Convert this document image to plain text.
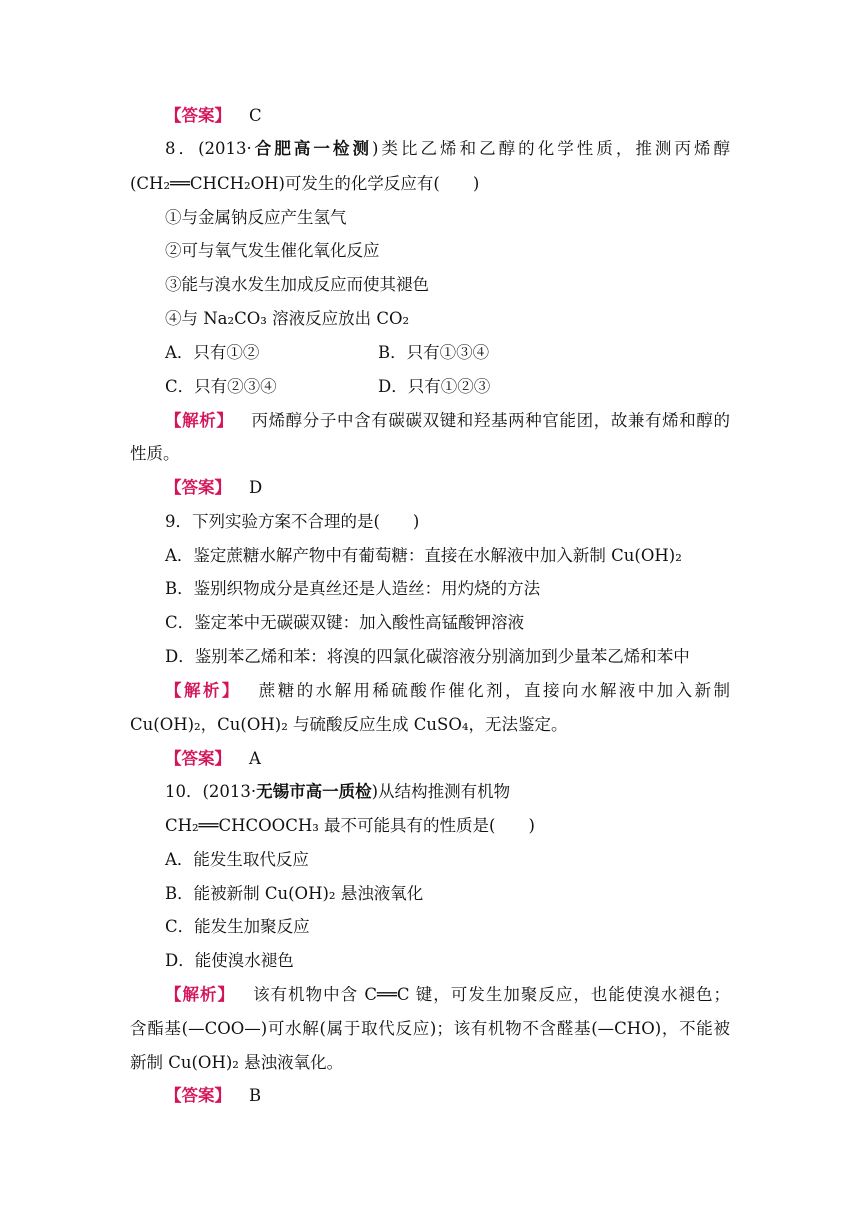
【答案】 C
8．(2013·合肥高一检测)类比乙烯和乙醇的化学性质，推测丙烯醇
(CH₂══CHCH₂OH)可发生的化学反应有(　　)
①与金属钠反应产生氢气
②可与氧气发生催化氧化反应
③能与溴水发生加成反应而使其褪色
④与 Na₂CO₃ 溶液反应放出 CO₂
A．只有①②	B．只有①③④
C．只有②③④	D．只有①②③
【解析】 丙烯醇分子中含有碳碳双键和羟基两种官能团，故兼有烯和醇的
性质。
【答案】 D
9．下列实验方案不合理的是(　　)
A．鉴定蔗糖水解产物中有葡萄糖：直接在水解液中加入新制 Cu(OH)₂
B．鉴别织物成分是真丝还是人造丝：用灼烧的方法
C．鉴定苯中无碳碳双键：加入酸性高锰酸钾溶液
D．鉴别苯乙烯和苯：将溴的四氯化碳溶液分别滴加到少量苯乙烯和苯中
【解析】 蔗糖的水解用稀硫酸作催化剂，直接向水解液中加入新制
Cu(OH)₂，Cu(OH)₂ 与硫酸反应生成 CuSO₄，无法鉴定。
【答案】 A
10．(2013·无锡市高一质检)从结构推测有机物
CH₂══CHCOOCH₃ 最不可能具有的性质是(　　)
A．能发生取代反应
B．能被新制 Cu(OH)₂ 悬浊液氧化
C．能发生加聚反应
D．能使溴水褪色
【解析】 该有机物中含 C══C 键，可发生加聚反应，也能使溴水褪色；
含酯基(—COO—)可水解(属于取代反应)；该有机物不含醛基(—CHO)，不能被
新制 Cu(OH)₂ 悬浊液氧化。
【答案】 B
